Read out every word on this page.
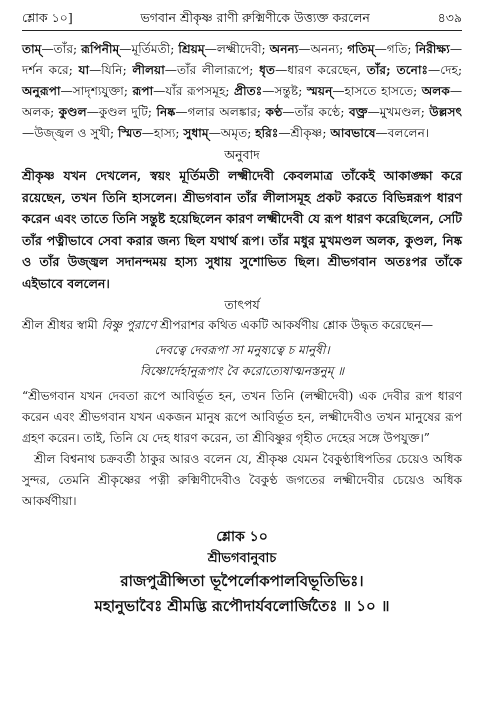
শ্লোক ১০]	ভগবান শ্রীকৃষ্ণ রাণী রুক্মিণীকে উত্ত্যক্ত করলেন	৪৩৯
তাম্—তাঁর; রূপিনীম্—মূর্তিমতী; শ্রিয়ম্—লক্ষ্মীদেবী; অনন্য—অনন্য; গতিম্—গতি; নিরীক্ষ্য—দর্শন করে; যা—যিনি; লীলয়া—তাঁর লীলারূপে; ধৃত—ধারণ করেছেন, তাঁর; তনোঃ—দেহ; অনুরূপা—সাদৃশ্যযুক্তা; রূপা—যাঁর রূপসমূহ; প্রীতঃ—সন্তুষ্ট; স্ময়ন্—হাসতে হাসতে; অলক—অলক; কুণ্ডল—কুণ্ডল দুটি; নিষ্ক—গলার অলঙ্কার; কণ্ঠ—তাঁর কণ্ঠে; বক্ত্র—মুখমণ্ডল; উল্লসৎ—উজ্জ্বল ও সুখী; স্মিত—হাস্য; সুধাম্—অমৃত; হরিঃ—শ্রীকৃষ্ণ; আবভাষে—বললেন।
অনুবাদ
শ্রীকৃষ্ণ যখন দেখলেন, স্বয়ং মূর্তিমতী লক্ষ্মীদেবী কেবলমাত্র তাঁকেই আকাঙ্ক্ষা করে রয়েছেন, তখন তিনি হাসলেন। শ্রীভগবান তাঁর লীলাসমূহ প্রকট করতে বিভিন্নরূপ ধারণ করেন এবং তাতে তিনি সন্তুষ্ট হয়েছিলেন কারণ লক্ষ্মীদেবী যে রূপ ধারণ করেছিলেন, সেটি তাঁর পত্নীভাবে সেবা করার জন্য ছিল যথার্থ রূপ। তাঁর মধুর মুখমণ্ডল অলক, কুণ্ডল, নিষ্ক ও তাঁর উজ্জ্বল সদানন্দময় হাস্য সুধায় সুশোভিত ছিল। শ্রীভগবান অতঃপর তাঁকে এইভাবে বললেন।
তাৎপর্য

শ্রীল শ্রীধর স্বামী বিষ্ণু পুরাণে শ্রীপরাশর কথিত একটি আকর্ষণীয় শ্লোক উদ্ধৃত করেছেন—

দেবত্বে দেবরূপা সা মনুষ্যত্বে চ মানুষী।
বিষ্ণোর্দেহানুরূপাং বৈ করোত্যেষাত্মনস্তনুম্ ॥

“শ্রীভগবান যখন দেবতা রূপে আবির্ভূত হন, তখন তিনি (লক্ষ্মীদেবী) এক দেবীর রূপ ধারণ করেন এবং শ্রীভগবান যখন একজন মানুষ রূপে আবির্ভূত হন, লক্ষ্মীদেবীও তখন মানুষের রূপ গ্রহণ করেন। তাই, তিনি যে দেহ ধারণ করেন, তা শ্রীবিষ্ণুর গৃহীত দেহের সঙ্গে উপযুক্ত।”

শ্রীল বিশ্বনাথ চক্রবর্তী ঠাকুর আরও বলেন যে, শ্রীকৃষ্ণ যেমন বৈকুণ্ঠাধিপতির চেয়েও অধিক সুন্দর, তেমনি শ্রীকৃষ্ণের পত্নী রুক্মিণীদেবীও বৈকুণ্ঠ জগতের লক্ষ্মীদেবীর চেয়েও অধিক আকর্ষণীয়া।

শ্লোক ১০
শ্রীভগবানুবাচ
রাজপুত্রীপ্সিতা ভূপৈর্লোকপালবিভূতিভিঃ।
মহানুভাবৈঃ শ্রীমদ্ভি রূপৌদার্যবলোর্জিতৈঃ ॥ ১০ ॥
